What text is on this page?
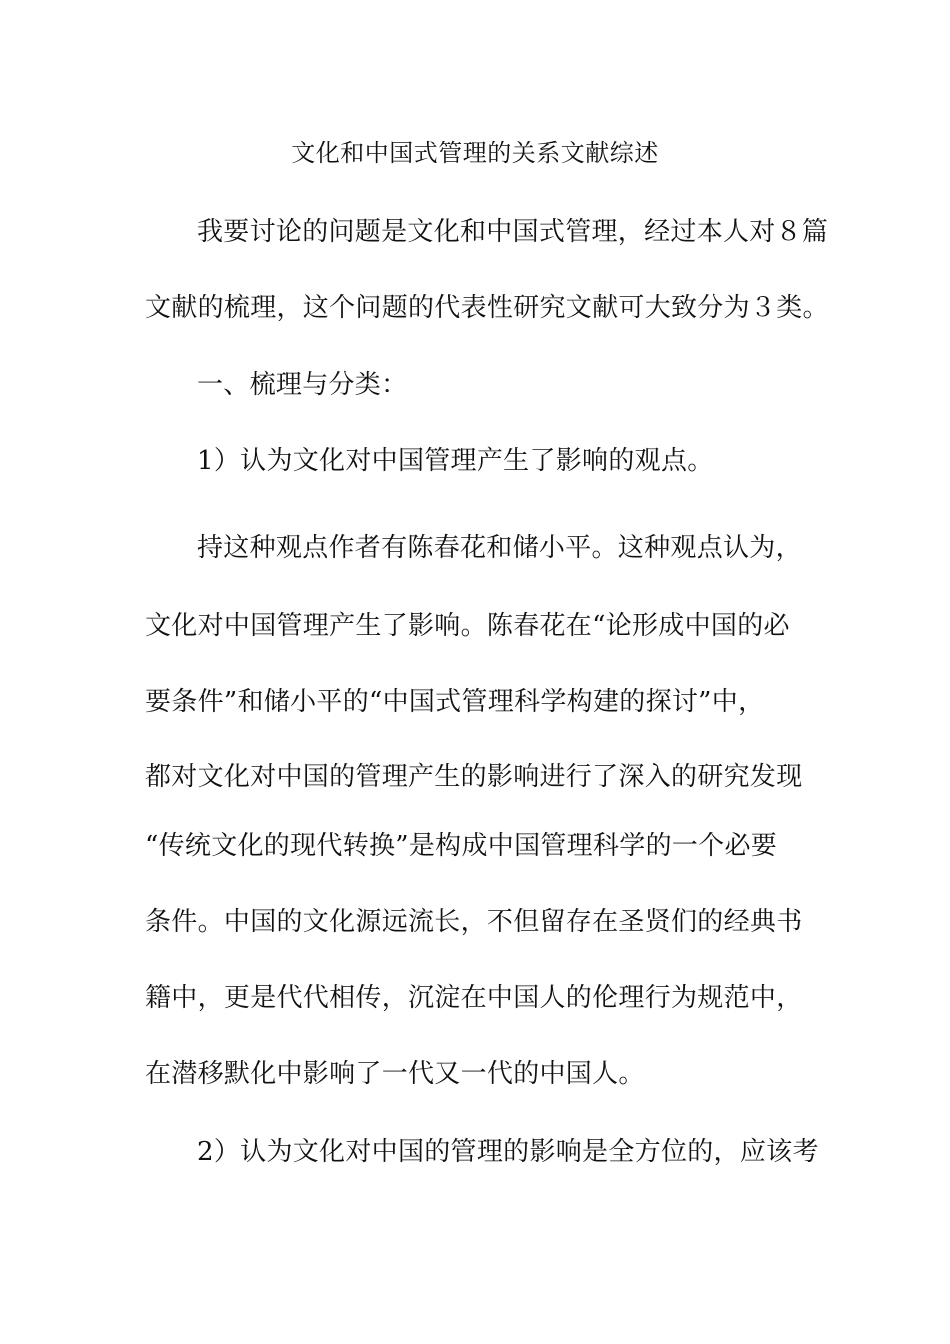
文化和中国式管理的关系文献综述
我要讨论的问题是文化和中国式管理，经过本人对８篇
文献的梳理，这个问题的代表性研究文献可大致分为３类。
一、梳理与分类：
1）认为文化对中国管理产生了影响的观点。
持这种观点作者有陈春花和储小平。这种观点认为，
文化对中国管理产生了影响。陈春花在“论形成中国的必
要条件”和储小平的“中国式管理科学构建的探讨”中，
都对文化对中国的管理产生的影响进行了深入的研究发现
“传统文化的现代转换”是构成中国管理科学的一个必要
条件。中国的文化源远流长，不但留存在圣贤们的经典书
籍中，更是代代相传，沉淀在中国人的伦理行为规范中，
在潜移默化中影响了一代又一代的中国人。
2）认为文化对中国的管理的影响是全方位的，应该考
